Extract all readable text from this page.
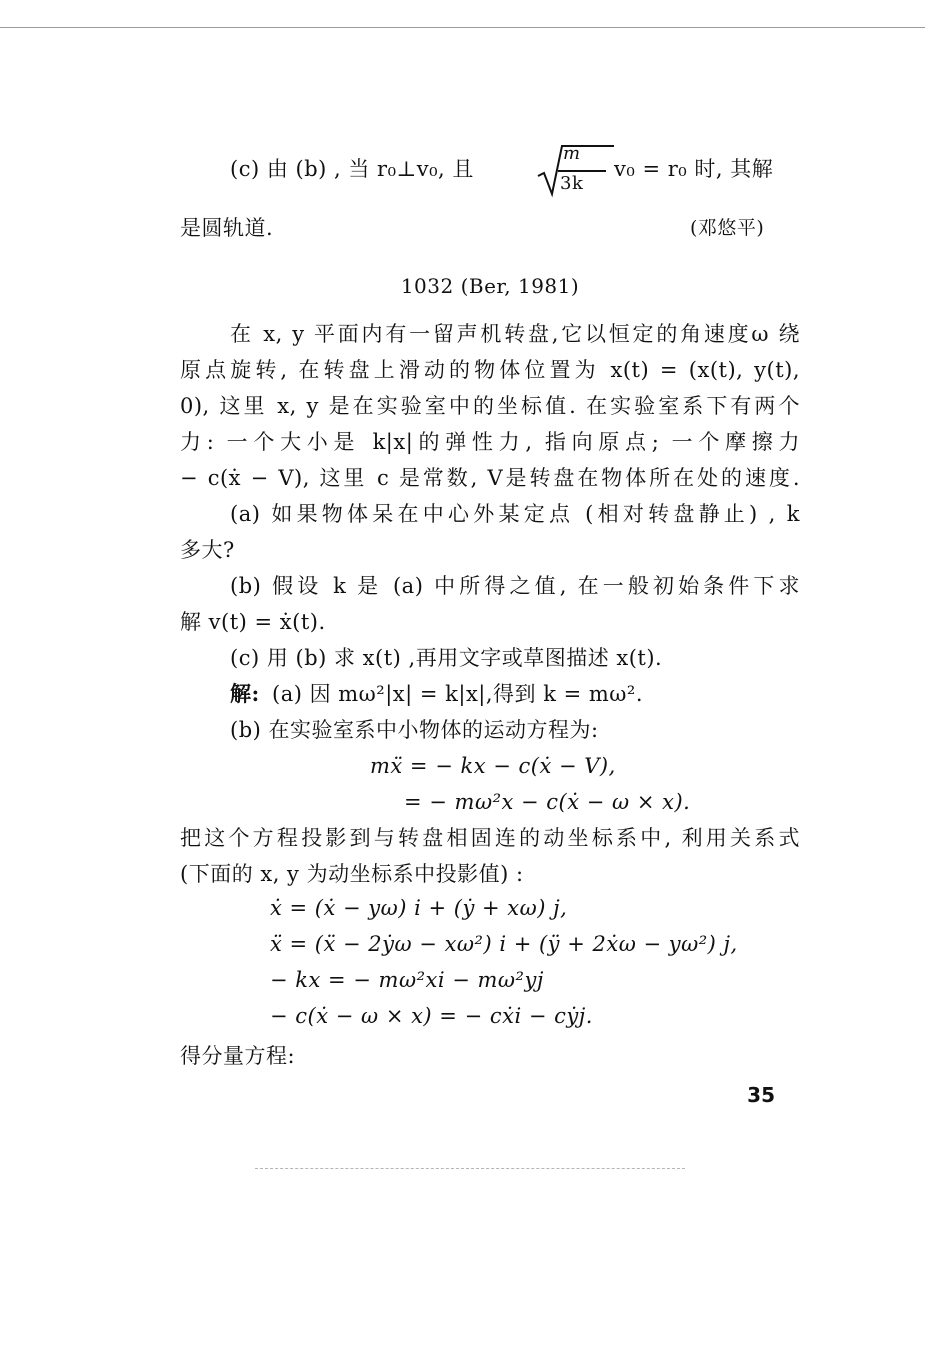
(c) 由 (b) , 当 r₀⊥v₀, 且
m
3k
v₀ = r₀ 时, 其解
是圆轨道.	(邓悠平)
1032 (Ber, 1981)
在 x, y 平面内有一留声机转盘,它以恒定的角速度ω 绕
原点旋转, 在转盘上滑动的物体位置为 x(t) = (x(t), y(t),
0), 这里 x, y 是在实验室中的坐标值. 在实验室系下有两个
力: 一个大小是 k|x|的弹性力, 指向原点; 一个摩擦力
− c(ẋ − V), 这里 c 是常数, V是转盘在物体所在处的速度.
(a) 如果物体呆在中心外某定点 (相对转盘静止) , k
多大?
(b) 假设 k 是 (a) 中所得之值, 在一般初始条件下求
解 v(t) = ẋ(t).
(c) 用 (b) 求 x(t) ,再用文字或草图描述 x(t).
解: (a) 因 mω²|x| = k|x|,得到 k = mω².
(b) 在实验室系中小物体的运动方程为:
mẍ = − kx − c(ẋ − V),
= − mω²x − c(ẋ − ω × x).
把这个方程投影到与转盘相固连的动坐标系中, 利用关系式
(下面的 x, y 为动坐标系中投影值) :
ẋ = (ẋ − yω) i + (ẏ + xω) j,
ẍ = (ẍ − 2ẏω − xω²) i + (ÿ + 2ẋω − yω²) j,
− kx = − mω²xi − mω²yj
− c(ẋ − ω × x) = − cẋi − cẏj.
得分量方程:
35
